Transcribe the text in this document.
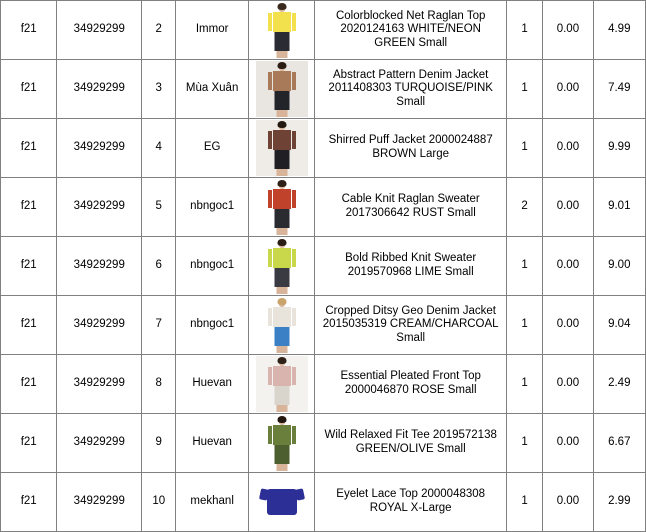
f21	34929299	2	Immor		Colorblocked Net Raglan Top 2020124163 WHITE/NEON GREEN Small	1	0.00	4.99
f21	34929299	3	Mùa Xuân		Abstract Pattern Denim Jacket 2011408303 TURQUOISE/PINK Small	1	0.00	7.49
f21	34929299	4	EG		Shirred Puff Jacket 2000024887 BROWN Large	1	0.00	9.99
f21	34929299	5	nbngoc1		Cable Knit Raglan Sweater 2017306642 RUST Small	2	0.00	9.01
f21	34929299	6	nbngoc1		Bold Ribbed Knit Sweater 2019570968 LIME Small	1	0.00	9.00
f21	34929299	7	nbngoc1		Cropped Ditsy Geo Denim Jacket 2015035319 CREAM/CHARCOAL Small	1	0.00	9.04
f21	34929299	8	Huevan		Essential Pleated Front Top 2000046870 ROSE Small	1	0.00	2.49
f21	34929299	9	Huevan		Wild Relaxed Fit Tee 2019572138 GREEN/OLIVE Small	1	0.00	6.67
f21	34929299	10	mekhanl		Eyelet Lace Top 2000048308 ROYAL X-Large	1	0.00	2.99
